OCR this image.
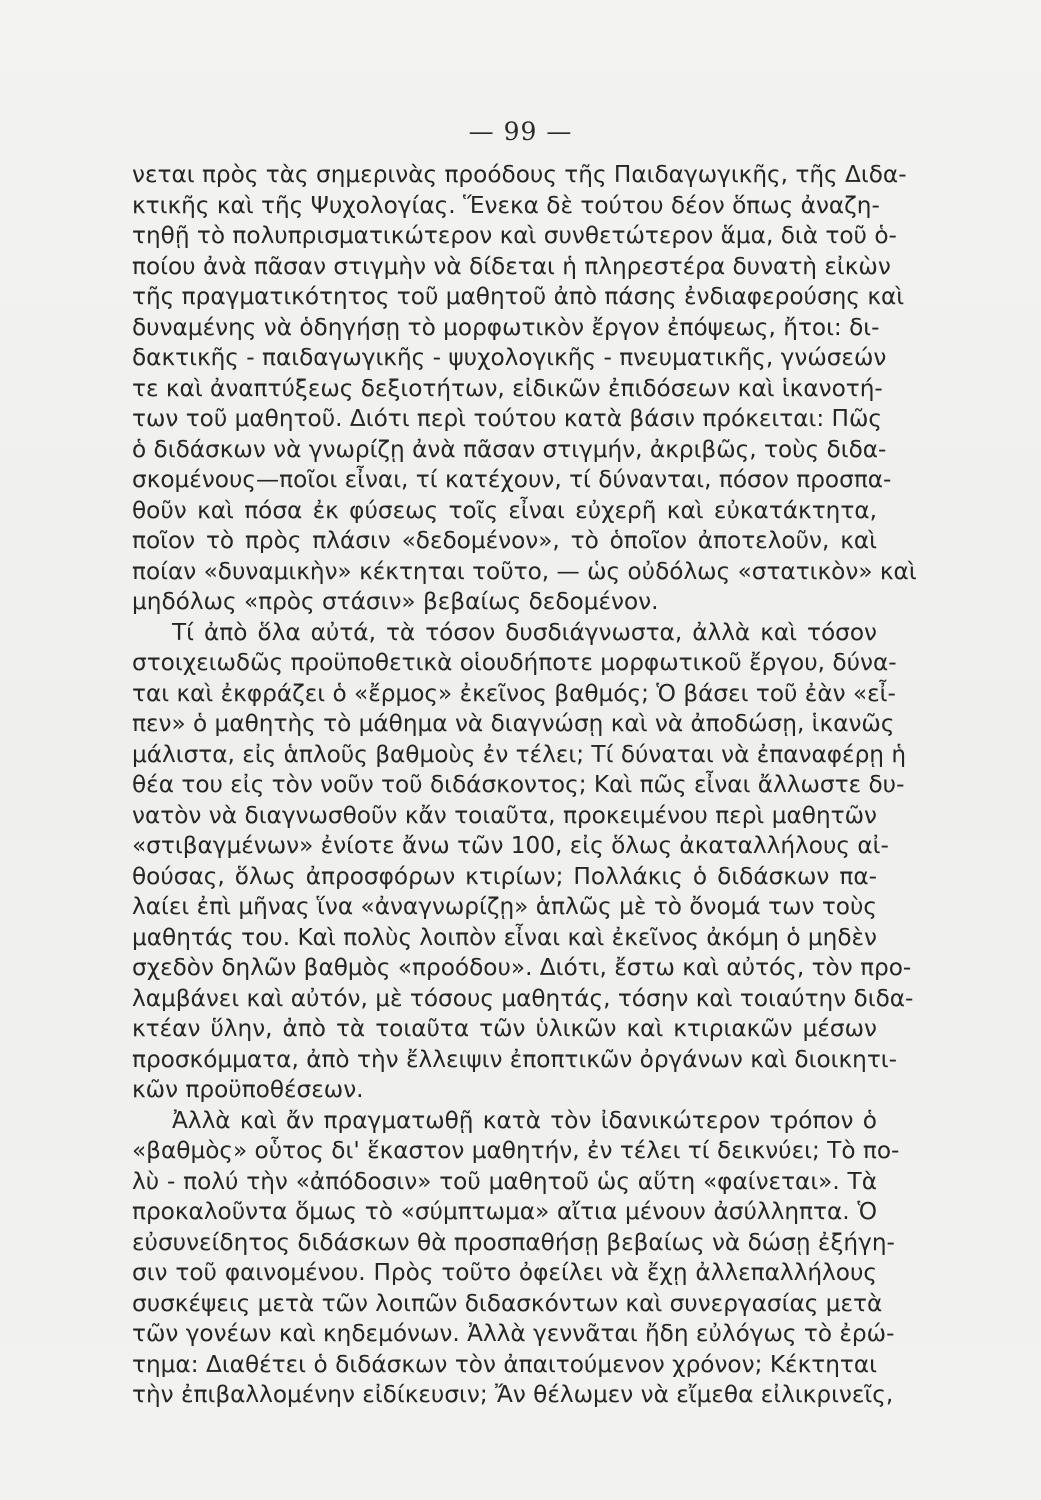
— 99 —
νεται πρὸς τὰς σημερινὰς προόδους τῆς Παιδαγωγικῆς, τῆς Διδα-
κτικῆς καὶ τῆς Ψυχολογίας. Ἕνεκα δὲ τούτου δέον ὅπως ἀναζη-
τηθῇ τὸ πολυπρισματικώτερον καὶ συνθετώτερον ἅμα, διὰ τοῦ ὁ-
ποίου ἀνὰ πᾶσαν στιγμὴν νὰ δίδεται ἡ πληρεστέρα δυνατὴ εἰκὼν
τῆς πραγματικότητος τοῦ μαθητοῦ ἀπὸ πάσης ἐνδιαφερούσης καὶ
δυναμένης νὰ ὁδηγήσῃ τὸ μορφωτικὸν ἔργον ἐπόψεως, ἤτοι: δι-
δακτικῆς - παιδαγωγικῆς - ψυχολογικῆς - πνευματικῆς, γνώσεών
τε καὶ ἀναπτύξεως δεξιοτήτων, εἰδικῶν ἐπιδόσεων καὶ ἱκανοτή-
των τοῦ μαθητοῦ. Διότι περὶ τούτου κατὰ βάσιν πρόκειται: Πῶς
ὁ διδάσκων νὰ γνωρίζῃ ἀνὰ πᾶσαν στιγμήν, ἀκριβῶς, τοὺς διδα-
σκομένους—ποῖοι εἶναι, τί κατέχουν, τί δύνανται, πόσον προσπα-
θοῦν καὶ πόσα ἐκ φύσεως τοῖς εἶναι εὐχερῆ καὶ εὐκατάκτητα,
ποῖον τὸ πρὸς πλάσιν «δεδομένον», τὸ ὁποῖον ἀποτελοῦν, καὶ
ποίαν «δυναμικὴν» κέκτηται τοῦτο, — ὡς οὐδόλως «στατικὸν» καὶ
μηδόλως «πρὸς στάσιν» βεβαίως δεδομένον.
Τί ἀπὸ ὅλα αὐτά, τὰ τόσον δυσδιάγνωστα, ἀλλὰ καὶ τόσον
στοιχειωδῶς προϋποθετικὰ οἱουδήποτε μορφωτικοῦ ἔργου, δύνα-
ται καὶ ἐκφράζει ὁ «ἔρμος» ἐκεῖνος βαθμός; Ὁ βάσει τοῦ ἐὰν «εἶ-
πεν» ὁ μαθητὴς τὸ μάθημα νὰ διαγνώσῃ καὶ νὰ ἀποδώσῃ, ἱκανῶς
μάλιστα, εἰς ἁπλοῦς βαθμοὺς ἐν τέλει; Τί δύναται νὰ ἐπαναφέρῃ ἡ
θέα του εἰς τὸν νοῦν τοῦ διδάσκοντος; Καὶ πῶς εἶναι ἄλλωστε δυ-
νατὸν νὰ διαγνωσθοῦν κἄν τοιαῦτα, προκειμένου περὶ μαθητῶν
«στιβαγμένων» ἐνίοτε ἄνω τῶν 100, εἰς ὅλως ἀκαταλλήλους αἰ-
θούσας, ὅλως ἀπροσφόρων κτιρίων; Πολλάκις ὁ διδάσκων πα-
λαίει ἐπὶ μῆνας ἵνα «ἀναγνωρίζῃ» ἁπλῶς μὲ τὸ ὄνομά των τοὺς
μαθητάς του. Καὶ πολὺς λοιπὸν εἶναι καὶ ἐκεῖνος ἀκόμη ὁ μηδὲν
σχεδὸν δηλῶν βαθμὸς «προόδου». Διότι, ἔστω καὶ αὐτός, τὸν προ-
λαμβάνει καὶ αὐτόν, μὲ τόσους μαθητάς, τόσην καὶ τοιαύτην διδα-
κτέαν ὕλην, ἀπὸ τὰ τοιαῦτα τῶν ὑλικῶν καὶ κτιριακῶν μέσων
προσκόμματα, ἀπὸ τὴν ἔλλειψιν ἐποπτικῶν ὀργάνων καὶ διοικητι-
κῶν προϋποθέσεων.
Ἀλλὰ καὶ ἄν πραγματωθῇ κατὰ τὸν ἰδανικώτερον τρόπον ὁ
«βαθμὸς» οὗτος δι' ἕκαστον μαθητήν, ἐν τέλει τί δεικνύει; Τὸ πο-
λὺ - πολύ τὴν «ἀπόδοσιν» τοῦ μαθητοῦ ὡς αὕτη «φαίνεται». Τὰ
προκαλοῦντα ὅμως τὸ «σύμπτωμα» αἴτια μένουν ἀσύλληπτα. Ὁ
εὐσυνείδητος διδάσκων θὰ προσπαθήσῃ βεβαίως νὰ δώσῃ ἐξήγη-
σιν τοῦ φαινομένου. Πρὸς τοῦτο ὀφείλει νὰ ἔχῃ ἀλλεπαλλήλους
συσκέψεις μετὰ τῶν λοιπῶν διδασκόντων καὶ συνεργασίας μετὰ
τῶν γονέων καὶ κηδεμόνων. Ἀλλὰ γεννᾶται ἤδη εὐλόγως τὸ ἐρώ-
τημα: Διαθέτει ὁ διδάσκων τὸν ἀπαιτούμενον χρόνον; Κέκτηται
τὴν ἐπιβαλλομένην εἰδίκευσιν; Ἄν θέλωμεν νὰ εἴμεθα εἰλικρινεῖς,
